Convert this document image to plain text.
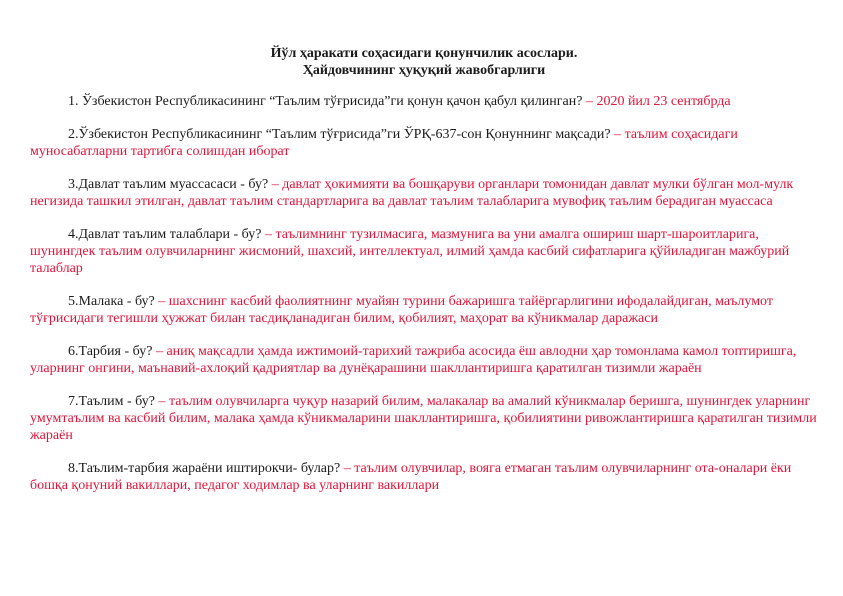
Йўл ҳаракати соҳасидаги қонунчилик асослари.
Ҳайдовчининг ҳуқуқий жавобгарлиги

1. Ўзбекистон Республикасининг “Таълим тўғрисида”ги қонун қачон қабул қилинган? – 2020 йил 23 сентябрда

2.Ўзбекистон Республикасининг “Таълим тўғрисида”ги ЎРҚ-637-сон Қонуннинг мақсади? – таълим соҳасидаги муносабатларни тартибга солишдан иборат

3.Давлат таълим муассасаси - бу? – давлат ҳокимияти ва бошқаруви органлари томонидан давлат мулки бўлган мол-мулк негизида ташкил этилган, давлат таълим стандартларига ва давлат таълим талабларига мувофиқ таълим берадиган муассаса

4.Давлат таълим талаблари - бу? – таълимнинг тузилмасига, мазмунига ва уни амалга ошириш шарт-шароитларига, шунингдек таълим олувчиларнинг жисмоний, шахсий, интеллектуал, илмий ҳамда касбий сифатларига қўйиладиган мажбурий талаблар

5.Малака - бу? – шахснинг касбий фаолиятнинг муайян турини бажаришга тайёргарлигини ифодалайдиган, маълумот тўғрисидаги тегишли ҳужжат билан тасдиқланадиган билим, қобилият, маҳорат ва кўникмалар даражаси

6.Тарбия - бу? – аниқ мақсадли ҳамда ижтимоий-тарихий тажриба асосида ёш авлодни ҳар томонлама камол топтиришга, уларнинг онгини, маънавий-ахлоқий қадриятлар ва дунёқарашини шакллантиришга қаратилган тизимли жараён

7.Таълим - бу? – таълим олувчиларга чуқур назарий билим, малакалар ва амалий кўникмалар беришга, шунингдек уларнинг умумтаълим ва касбий билим, малака ҳамда кўникмаларини шакллантиришга, қобилиятини ривожлантиришга қаратилган тизимли жараён

8.Таълим-тарбия жараёни иштирокчи- булар? – таълим олувчилар, вояга етмаган таълим олувчиларнинг ота-оналари ёки бошқа қонуний вакиллари, педагог ходимлар ва уларнинг вакиллари
